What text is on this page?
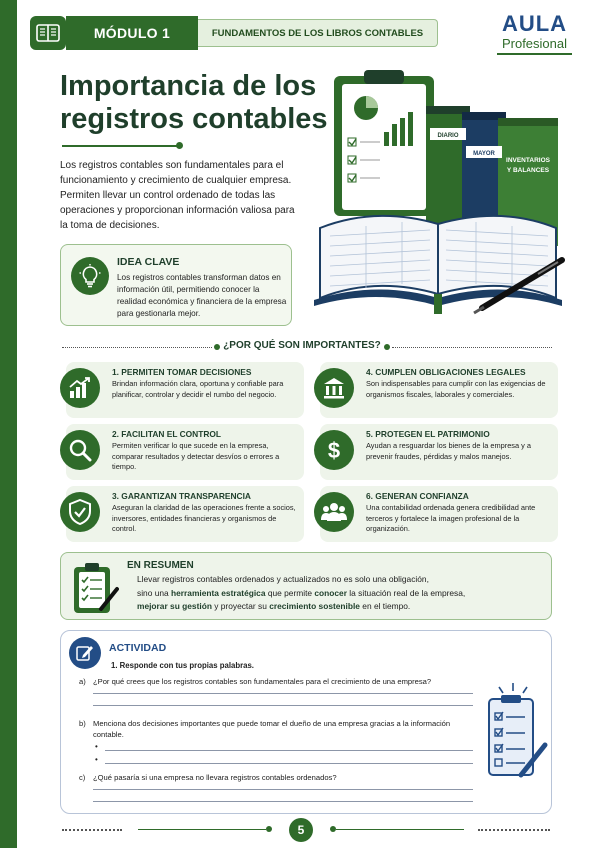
MÓDULO 1	FUNDAMENTOS DE LOS LIBROS CONTABLES	AULA
Profesional
Importancia de los
registros contables

Los registros contables son fundamentales para el funcionamiento y crecimiento de cualquier empresa. Permiten llevar un control ordenado de todas las operaciones y proporcionan información valiosa para la toma de decisiones.

DIARIO
MAYOR
INVENTARIOS
Y BALANCES
IDEA CLAVE
Los registros contables transforman datos en información útil, permitiendo conocer la realidad económica y financiera de la empresa para gestionarla mejor.
¿POR QUÉ SON IMPORTANTES?
1. PERMITEN TOMAR DECISIONES
Brindan información clara, oportuna y confiable para planificar, controlar y decidir el rumbo del negocio.
4. CUMPLEN OBLIGACIONES LEGALES
Son indispensables para cumplir con las exigencias de organismos fiscales, laborales y comerciales.
2. FACILITAN EL CONTROL
Permiten verificar lo que sucede en la empresa, comparar resultados y detectar desvíos o errores a tiempo.
$
5. PROTEGEN EL PATRIMONIO
Ayudan a resguardar los bienes de la empresa y a prevenir fraudes, pérdidas y malos manejos.
3. GARANTIZAN TRANSPARENCIA
Aseguran la claridad de las operaciones frente a socios, inversores, entidades financieras y organismos de control.
6. GENERAN CONFIANZA
Una contabilidad ordenada genera credibilidad ante terceros y fortalece la imagen profesional de la organización.
EN RESUMEN
Llevar registros contables ordenados y actualizados no es solo una obligación,
sino una herramienta estratégica que permite conocer la situación real de la empresa,
mejorar su gestión y proyectar su crecimiento sostenible en el tiempo.
ACTIVIDAD
1. Responde con tus propias palabras.
a) ¿Por qué crees que los registros contables son fundamentales para el crecimiento de una empresa?
b) Menciona dos decisiones importantes que puede tomar el dueño de una empresa gracias a la información contable.
•
•
c) ¿Qué pasaría si una empresa no llevara registros contables ordenados?
5
